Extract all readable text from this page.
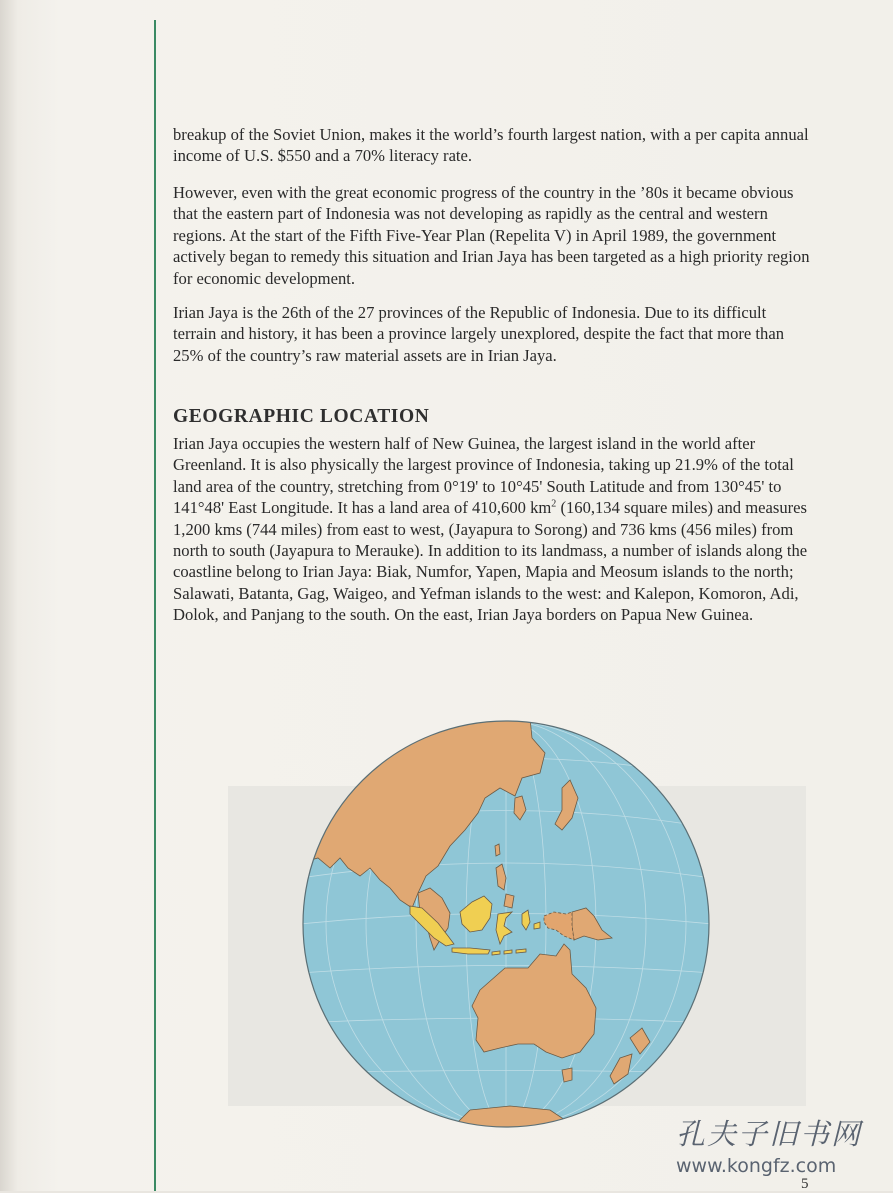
breakup of the Soviet Union, makes it the world’s fourth largest nation, with a per capita annual income of U.S. $550 and a 70% literacy rate.

However, even with the great economic progress of the country in the ’80s it became obvious that the eastern part of Indonesia was not developing as rapidly as the central and western regions. At the start of the Fifth Five-Year Plan (Repelita V) in April 1989, the government actively began to remedy this situation and Irian Jaya has been targeted as a high priority region for economic development.

Irian Jaya is the 26th of the 27 provinces of the Republic of Indonesia. Due to its difficult terrain and history, it has been a province largely unexplored, despite the fact that more than 25% of the country’s raw material assets are in Irian Jaya.

GEOGRAPHIC LOCATION

Irian Jaya occupies the western half of New Guinea, the largest island in the world after Greenland. It is also physically the largest province of Indonesia, taking up 21.9% of the total land area of the country, stretching from 0°19' to 10°45' South Latitude and from 130°45' to 141°48' East Longitude. It has a land area of 410,600 $km^2$ (160,134 square miles) and measures 1,200 kms (744 miles) from east to west, (Jayapura to Sorong) and 736 kms (456 miles) from north to south (Jayapura to Merauke). In addition to its landmass, a number of islands along the coastline belong to Irian Jaya: Biak, Numfor, Yapen, Mapia and Meosum islands to the north; Salawati, Batanta, Gag, Waigeo, and Yefman islands to the west: and Kalepon, Komoron, Adi, Dolok, and Panjang to the south. On the east, Irian Jaya borders on Papua New Guinea.

孔夫子旧书网
www.kongfz.com
5
